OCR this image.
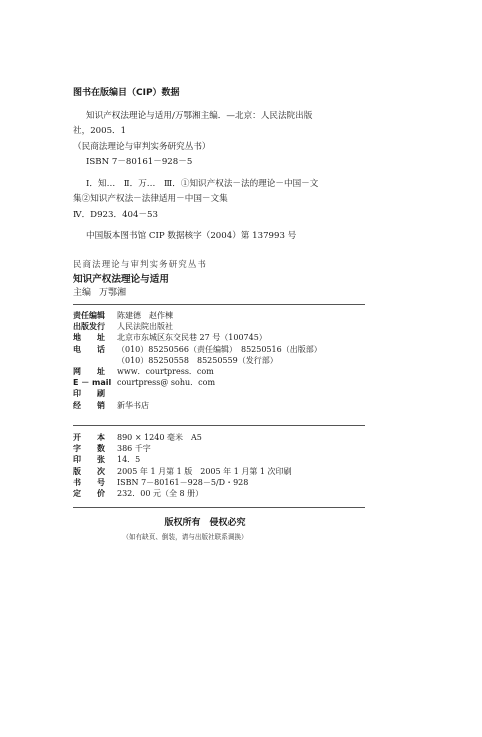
图书在版编目（CIP）数据
知识产权法理论与适用/万鄂湘主编．—北京：人民法院出版社，2005．1
（民商法理论与审判实务研究丛书）
ISBN 7－80161－928－5
Ⅰ．知…　Ⅱ．万…　Ⅲ．①知识产权法－法的理论－中国－文集②知识产权法－法律适用－中国－文集
Ⅳ．D923．404－53
中国版本图书馆 CIP 数据核字（2004）第 137993 号
民商法理论与审判实务研究丛书
知识产权法理论与适用
主编 万鄂湘
责任编辑	陈建德　赵作棟
出版发行	人民法院出版社
地　　址	北京市东城区东交民巷 27 号（100745）
电　　话	（010）85250566（责任编辑）　85250516（出版部）
（010）85250558　85250559（发行部）
网　　址	www．courtpress．com
E － mail courtpress@ sohu．com
印　　刷
经　　销	新华书店
开　　本	890 × 1240 毫米　A5
字　　数	386 千字
印　　张	14．5
版　　次	2005 年 1 月第 1 版　2005 年 1 月第 1 次印刷
书　　号	ISBN 7－80161－928－5/D・928
定　　价	232．00 元（全 8 册）
版权所有　侵权必究
（如有缺页、倒装，请与出版社联系调换）
